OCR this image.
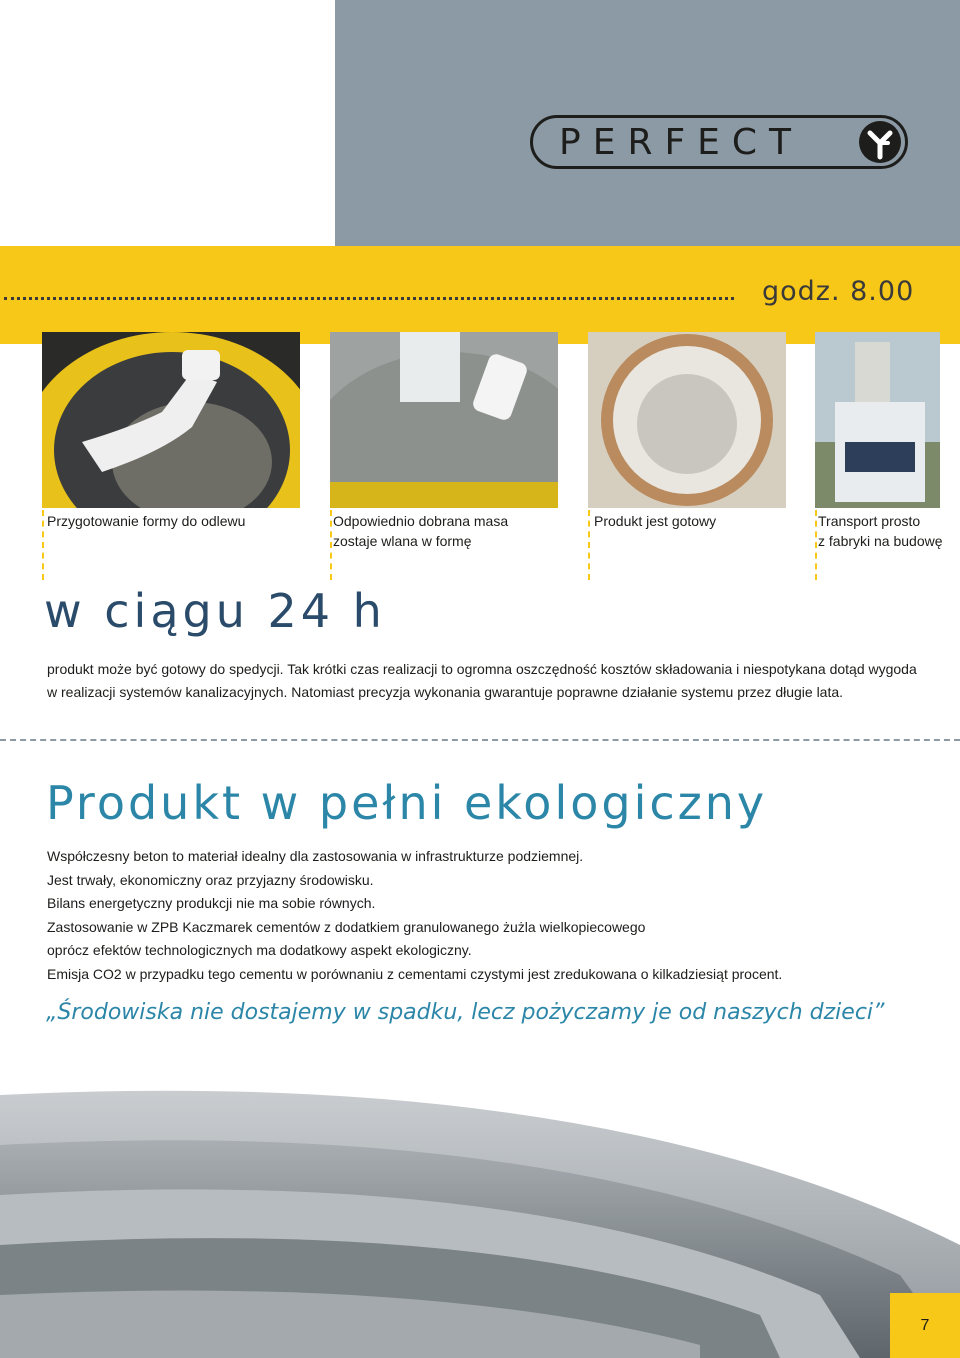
PERFECT
godz. 8.00
Przygotowanie formy do odlewu	Odpowiednio dobrana masa
zostaje wlana w formę
Produkt jest gotowy	Transport prosto
z fabryki na budowę
w ciągu 24 h
produkt może być gotowy do spedycji. Tak krótki czas realizacji to ogromna oszczędność kosztów składowania i niespotykana dotąd wygoda
w realizacji systemów kanalizacyjnych. Natomiast precyzja wykonania gwarantuje poprawne działanie systemu przez długie lata.
Produkt w pełni ekologiczny

Współczesny beton to materiał idealny dla zastosowania w infrastrukturze podziemnej.

Jest trwały, ekonomiczny oraz przyjazny środowisku.

Bilans energetyczny produkcji nie ma sobie równych.

Zastosowanie w ZPB Kaczmarek cementów z dodatkiem granulowanego żużla wielkopiecowego

oprócz efektów technologicznych ma dodatkowy aspekt ekologiczny.

Emisja CO2 w przypadku tego cementu w porównaniu z cementami czystymi jest zredukowana o kilkadziesiąt procent.

„Środowiska nie dostajemy w spadku, lecz pożyczamy je od naszych dzieci”
7
